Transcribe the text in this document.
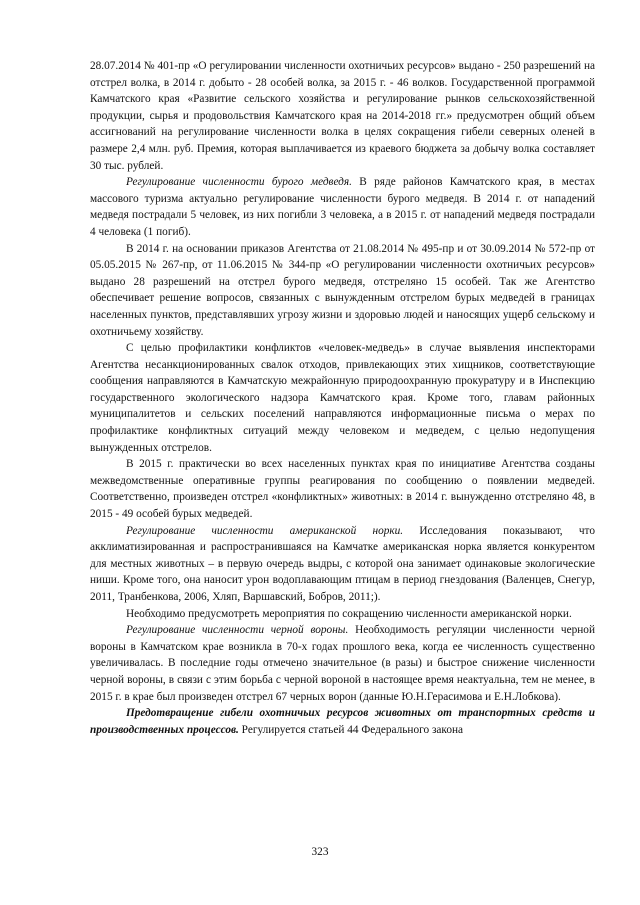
28.07.2014 № 401-пр «О регулировании численности охотничьих ресурсов» выдано - 250 разрешений на отстрел волка, в 2014 г. добыто - 28 особей волка, за 2015 г. - 46 волков. Государственной программой Камчатского края «Развитие сельского хозяйства и регулирование рынков сельскохозяйственной продукции, сырья и продовольствия Камчатского края на 2014-2018 гг.» предусмотрен общий объем ассигнований на регулирование численности волка в целях сокращения гибели северных оленей в размере 2,4 млн. руб. Премия, которая выплачивается из краевого бюджета за добычу волка составляет 30 тыс. рублей.

Регулирование численности бурого медведя. В ряде районов Камчатского края, в местах массового туризма актуально регулирование численности бурого медведя. В 2014 г. от нападений медведя пострадали 5 человек, из них погибли 3 человека, а в 2015 г. от нападений медведя пострадали 4 человека (1 погиб).

В 2014 г. на основании приказов Агентства от 21.08.2014 № 495-пр и от 30.09.2014 № 572-пр от 05.05.2015 № 267-пр, от 11.06.2015 № 344-пр «О регулировании численности охотничьих ресурсов» выдано 28 разрешений на отстрел бурого медведя, отстреляно 15 особей. Так же Агентство обеспечивает решение вопросов, связанных с вынужденным отстрелом бурых медведей в границах населенных пунктов, представлявших угрозу жизни и здоровью людей и наносящих ущерб сельскому и охотничьему хозяйству.

С целью профилактики конфликтов «человек-медведь» в случае выявления инспекторами Агентства несанкционированных свалок отходов, привлекающих этих хищников, соответствующие сообщения направляются в Камчатскую межрайонную природоохранную прокуратуру и в Инспекцию государственного экологического надзора Камчатского края. Кроме того, главам районных муниципалитетов и сельских поселений направляются информационные письма о мерах по профилактике конфликтных ситуаций между человеком и медведем, с целью недопущения вынужденных отстрелов.

В 2015 г. практически во всех населенных пунктах края по инициативе Агентства созданы межведомственные оперативные группы реагирования по сообщению о появлении медведей. Соответственно, произведен отстрел «конфликтных» животных: в 2014 г. вынужденно отстреляно 48, в 2015 - 49 особей бурых медведей.

Регулирование численности американской норки. Исследования показывают, что акклиматизированная и распространившаяся на Камчатке американская норка является конкурентом для местных животных – в первую очередь выдры, с которой она занимает одинаковые экологические ниши. Кроме того, она наносит урон водоплавающим птицам в период гнездования (Валенцев, Снегур, 2011, Транбенкова, 2006, Хляп, Варшавский, Бобров, 2011;).

Необходимо предусмотреть мероприятия по сокращению численности американской норки.

Регулирование численности черной вороны. Необходимость регуляции численности черной вороны в Камчатском крае возникла в 70-х годах прошлого века, когда ее численность существенно увеличивалась. В последние годы отмечено значительное (в разы) и быстрое снижение численности черной вороны, в связи с этим борьба с черной вороной в настоящее время неактуальна, тем не менее, в 2015 г. в крае был произведен отстрел 67 черных ворон (данные Ю.Н.Герасимова и Е.Н.Лобкова).

Предотвращение гибели охотничьих ресурсов животных от транспортных средств и производственных процессов. Регулируется статьей 44 Федерального закона

323
